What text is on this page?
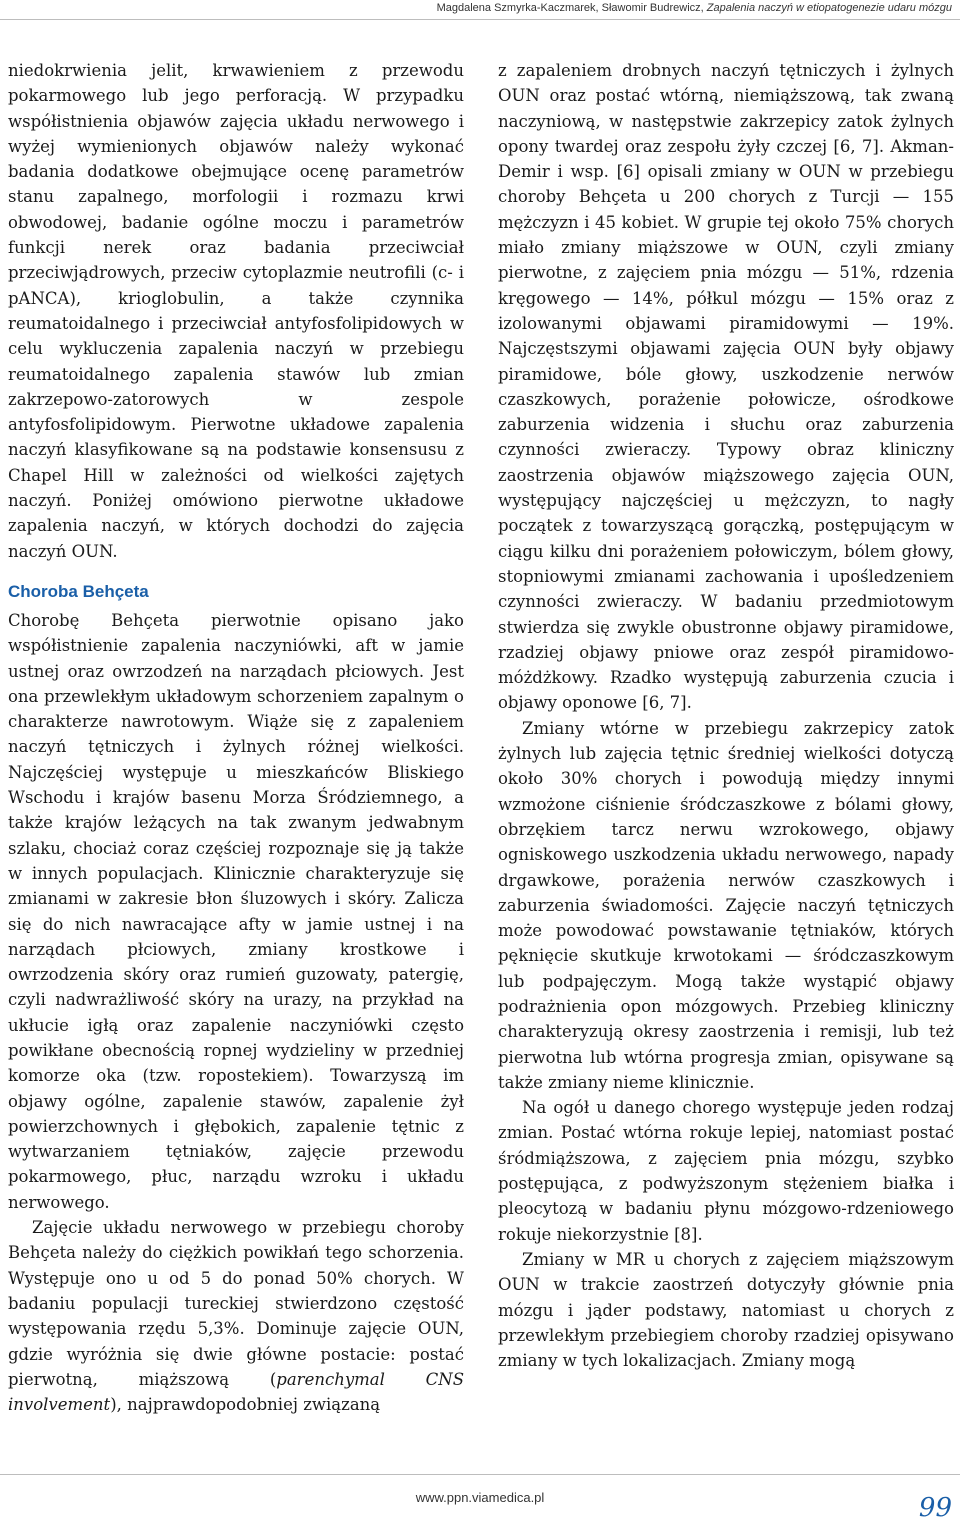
Magdalena Szmyrka-Kaczmarek, Sławomir Budrewicz, Zapalenia naczyń w etiopatogenezie udaru mózgu

niedokrwienia jelit, krwawieniem z przewodu pokarmowego lub jego perforacją. W przypadku współistnienia objawów zajęcia układu nerwowego i wyżej wymienionych objawów należy wykonać badania dodatkowe obejmujące ocenę parametrów stanu zapalnego, morfologii i rozmazu krwi obwodowej, badanie ogólne moczu i parametrów funkcji nerek oraz badania przeciwciał przeciwjądrowych, przeciw cytoplazmie neutrofili (c- i pANCA), krioglobulin, a także czynnika reumatoidalnego i przeciwciał antyfosfolipidowych w celu wykluczenia zapalenia naczyń w przebiegu reumatoidalnego zapalenia stawów lub zmian zakrzepowo-zatorowych w zespole antyfosfolipidowym. Pierwotne układowe zapalenia naczyń klasyfikowane są na podstawie konsensusu z Chapel Hill w zależności od wielkości zajętych naczyń. Poniżej omówiono pierwotne układowe zapalenia naczyń, w których dochodzi do zajęcia naczyń OUN.

Choroba Behçeta

Chorobę Behçeta pierwotnie opisano jako współistnienie zapalenia naczyniówki, aft w jamie ustnej oraz owrzodzeń na narządach płciowych. Jest ona przewlekłym układowym schorzeniem zapalnym o charakterze nawrotowym. Wiąże się z zapaleniem naczyń tętniczych i żylnych różnej wielkości. Najczęściej występuje u mieszkańców Bliskiego Wschodu i krajów basenu Morza Śródziemnego, a także krajów leżących na tak zwanym jedwabnym szlaku, chociaż coraz częściej rozpoznaje się ją także w innych populacjach. Klinicznie charakteryzuje się zmianami w zakresie błon śluzowych i skóry. Zalicza się do nich nawracające afty w jamie ustnej i na narządach płciowych, zmiany krostkowe i owrzodzenia skóry oraz rumień guzowaty, patergię, czyli nadwrażliwość skóry na urazy, na przykład na ukłucie igłą oraz zapalenie naczyniówki często powikłane obecnością ropnej wydzieliny w przedniej komorze oka (tzw. ropostekiem). Towarzyszą im objawy ogólne, zapalenie stawów, zapalenie żył powierzchownych i głębokich, zapalenie tętnic z wytwarzaniem tętniaków, zajęcie przewodu pokarmowego, płuc, narządu wzroku i układu nerwowego.

Zajęcie układu nerwowego w przebiegu choroby Behçeta należy do ciężkich powikłań tego schorzenia. Występuje ono u od 5 do ponad 50% chorych. W badaniu populacji tureckiej stwierdzono częstość występowania rzędu 5,3%. Dominuje zajęcie OUN, gdzie wyróżnia się dwie główne postacie: postać pierwotną, miąższową (parenchymal CNS involvement), najprawdopodobniej związaną

z zapaleniem drobnych naczyń tętniczych i żylnych OUN oraz postać wtórną, niemiąższową, tak zwaną naczyniową, w następstwie zakrzepicy zatok żylnych opony twardej oraz zespołu żyły czczej [6, 7]. Akman-Demir i wsp. [6] opisali zmiany w OUN w przebiegu choroby Behçeta u 200 chorych z Turcji — 155 mężczyzn i 45 kobiet. W grupie tej około 75% chorych miało zmiany miąższowe w OUN, czyli zmiany pierwotne, z zajęciem pnia mózgu — 51%, rdzenia kręgowego — 14%, półkul mózgu — 15% oraz z izolowanymi objawami piramidowymi — 19%. Najczęstszymi objawami zajęcia OUN były objawy piramidowe, bóle głowy, uszkodzenie nerwów czaszkowych, porażenie połowicze, ośrodkowe zaburzenia widzenia i słuchu oraz zaburzenia czynności zwieraczy. Typowy obraz kliniczny zaostrzenia objawów miąższowego zajęcia OUN, występujący najczęściej u mężczyzn, to nagły początek z towarzyszącą gorączką, postępującym w ciągu kilku dni porażeniem połowiczym, bólem głowy, stopniowymi zmianami zachowania i upośledzeniem czynności zwieraczy. W badaniu przedmiotowym stwierdza się zwykle obustronne objawy piramidowe, rzadziej objawy pniowe oraz zespół piramidowo-móżdżkowy. Rzadko występują zaburzenia czucia i objawy oponowe [6, 7].

Zmiany wtórne w przebiegu zakrzepicy zatok żylnych lub zajęcia tętnic średniej wielkości dotyczą około 30% chorych i powodują między innymi wzmożone ciśnienie śródczaszkowe z bólami głowy, obrzękiem tarcz nerwu wzrokowego, objawy ogniskowego uszkodzenia układu nerwowego, napady drgawkowe, porażenia nerwów czaszkowych i zaburzenia świadomości. Zajęcie naczyń tętniczych może powodować powstawanie tętniaków, których pęknięcie skutkuje krwotokami — śródczaszkowym lub podpajęczym. Mogą także wystąpić objawy podrażnienia opon mózgowych. Przebieg kliniczny charakteryzują okresy zaostrzenia i remisji, lub też pierwotna lub wtórna progresja zmian, opisywane są także zmiany nieme klinicznie.

Na ogół u danego chorego występuje jeden rodzaj zmian. Postać wtórna rokuje lepiej, natomiast postać śródmiąższowa, z zajęciem pnia mózgu, szybko postępująca, z podwyższonym stężeniem białka i pleocytozą w badaniu płynu mózgowo-rdzeniowego rokuje niekorzystnie [8].

Zmiany w MR u chorych z zajęciem miąższowym OUN w trakcie zaostrzeń dotyczyły głównie pnia mózgu i jąder podstawy, natomiast u chorych z przewlekłym przebiegiem choroby rzadziej opisywano zmiany w tych lokalizacjach. Zmiany mogą

www.ppn.viamedica.pl	99
